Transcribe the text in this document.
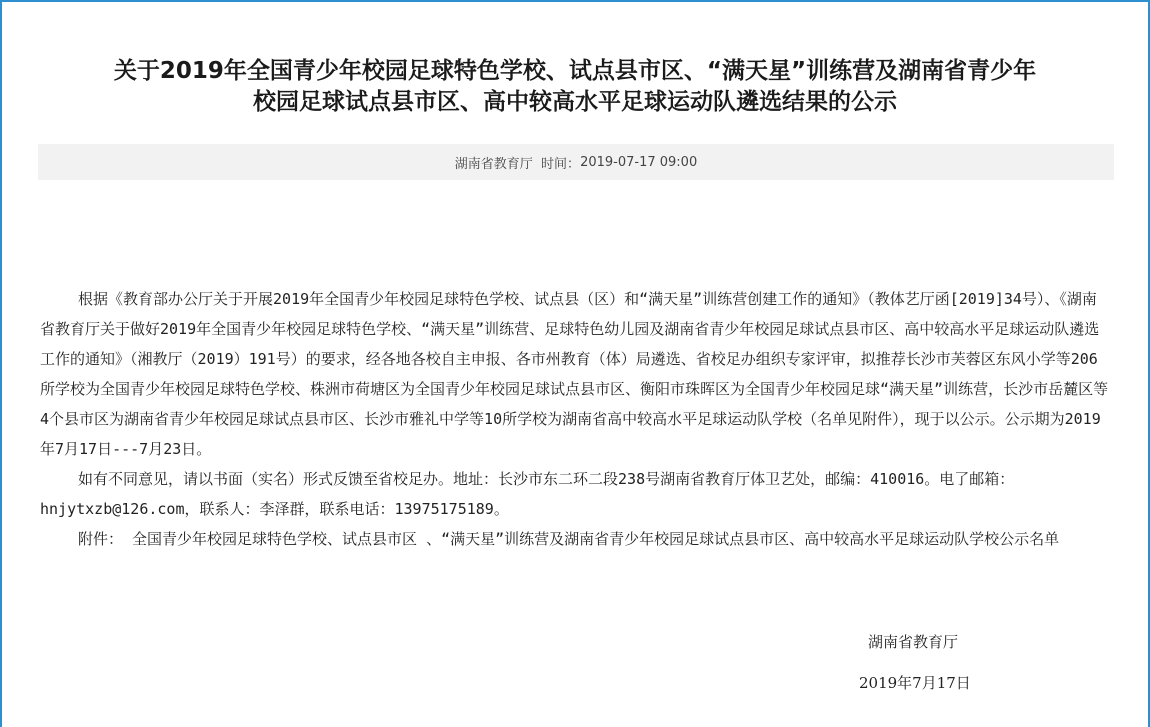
关于2019年全国青少年校园足球特色学校、试点县市区、“满天星”训练营及湖南省青少年
校园足球试点县市区、高中较高水平足球运动队遴选结果的公示
湖南省教育厅
时间： 2019-07-17 09:00

根据《教育部办公厅关于开展2019年全国青少年校园足球特色学校、试点县（区）和“满天星”训练营创建工作的通知》（教体艺厅函[2019]34号）、《湖南省教育厅关于做好2019年全国青少年校园足球特色学校、“满天星”训练营、足球特色幼儿园及湖南省青少年校园足球试点县市区、高中较高水平足球运动队遴选工作的通知》（湘教厅（2019）191号）的要求，经各地各校自主申报、各市州教育（体）局遴选、省校足办组织专家评审，拟推荐长沙市芙蓉区东风小学等206所学校为全国青少年校园足球特色学校、株洲市荷塘区为全国青少年校园足球试点县市区、衡阳市珠晖区为全国青少年校园足球“满天星”训练营，长沙市岳麓区等4个县市区为湖南省青少年校园足球试点县市区、长沙市雅礼中学等10所学校为湖南省高中较高水平足球运动队学校（名单见附件），现于以公示。公示期为2019年7月17日---7月23日。

如有不同意见，请以书面（实名）形式反馈至省校足办。地址：长沙市东二环二段238号湖南省教育厅体卫艺处，邮编：410016。电了邮箱：hnjytxzb@126.com，联系人：李泽群，联系电话：13975175189。

附件： 全国青少年校园足球特色学校、试点县市区 、“满天星”训练营及湖南省青少年校园足球试点县市区、高中较高水平足球运动队学校公示名单

湖南省教育厅
2019年7月17日
